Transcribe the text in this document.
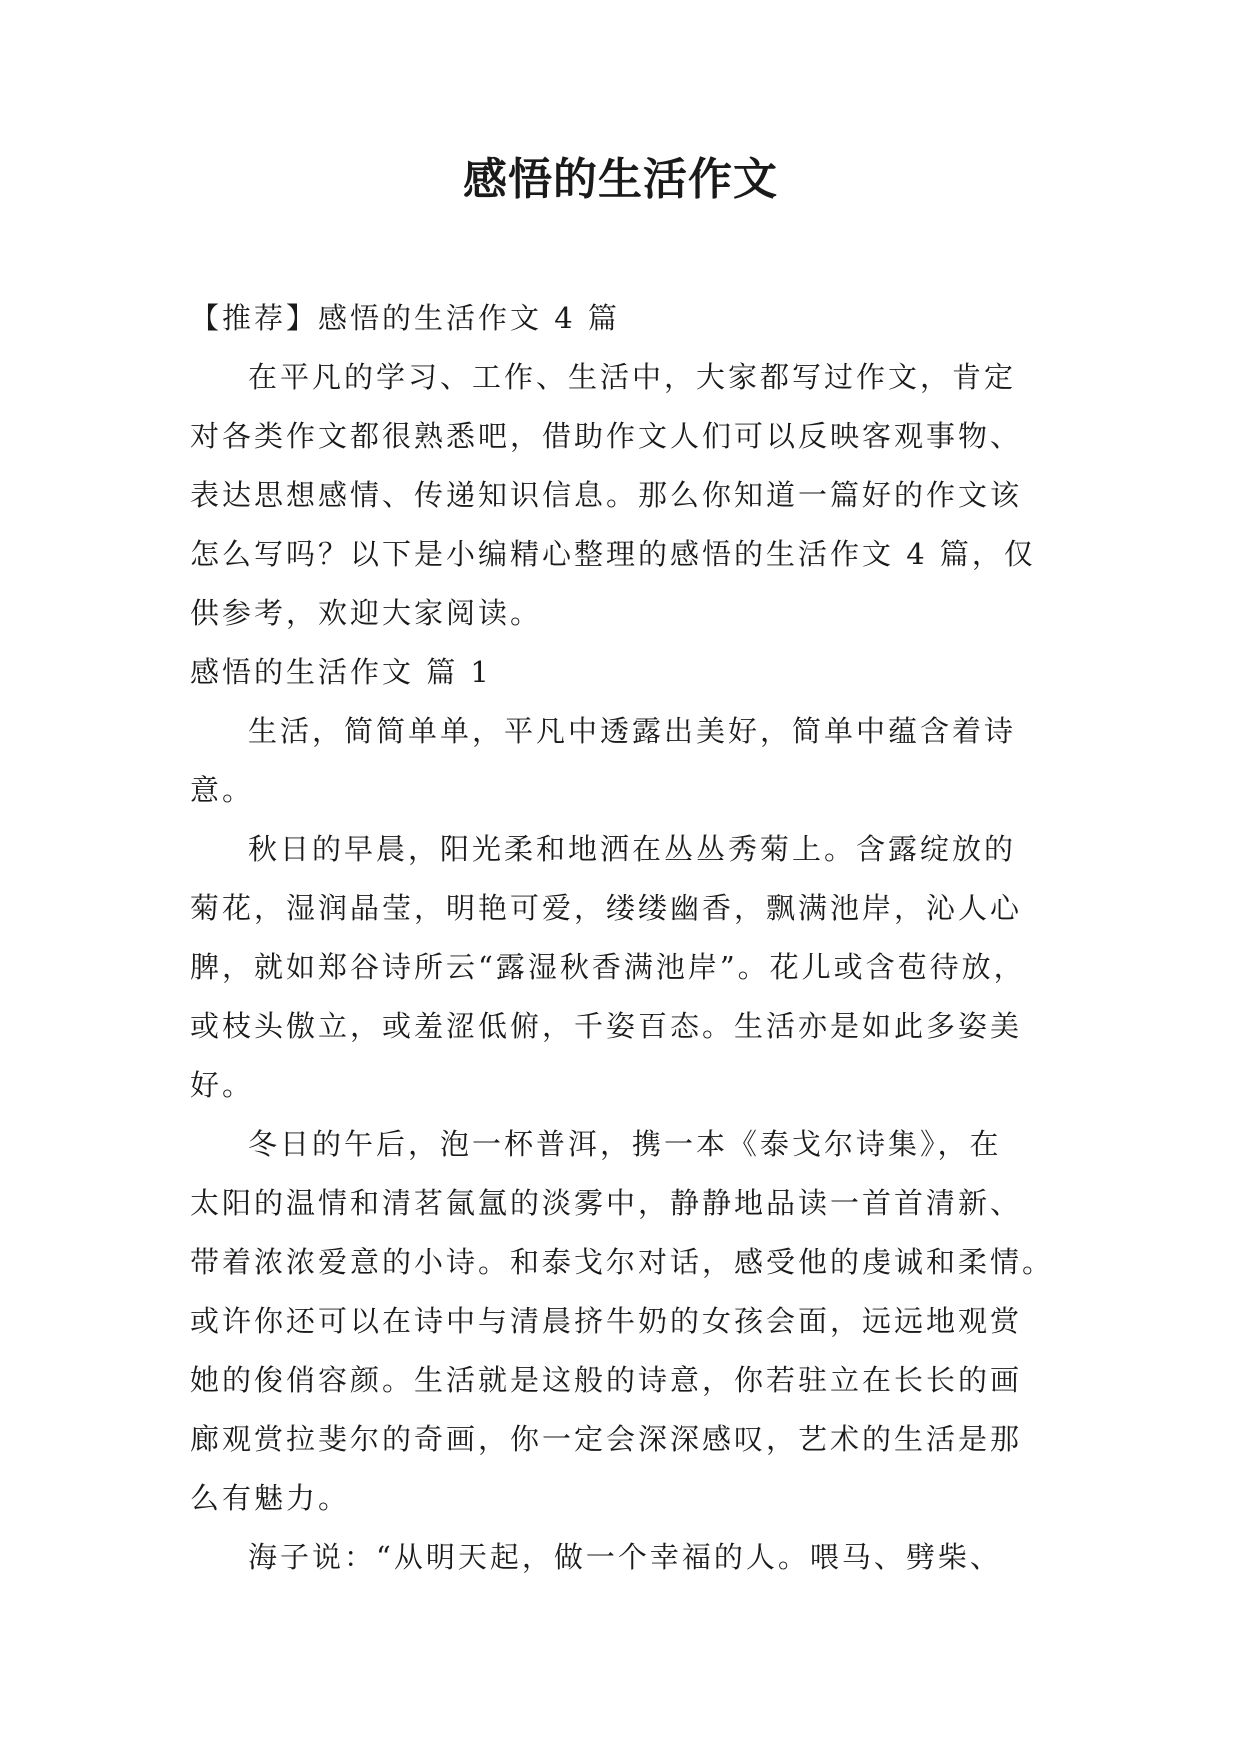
感悟的生活作文

【推荐】感悟的生活作文 4 篇

在平凡的学习、工作、生活中，大家都写过作文，肯定
对各类作文都很熟悉吧，借助作文人们可以反映客观事物、
表达思想感情、传递知识信息。那么你知道一篇好的作文该
怎么写吗？以下是小编精心整理的感悟的生活作文 4 篇，仅
供参考，欢迎大家阅读。

感悟的生活作文 篇 1

生活，简简单单，平凡中透露出美好，简单中蕴含着诗
意。

秋日的早晨，阳光柔和地洒在丛丛秀菊上。含露绽放的
菊花，湿润晶莹，明艳可爱，缕缕幽香，飘满池岸，沁人心
脾，就如郑谷诗所云“露湿秋香满池岸”。花儿或含苞待放，
或枝头傲立，或羞涩低俯，千姿百态。生活亦是如此多姿美
好。

冬日的午后，泡一杯普洱，携一本《泰戈尔诗集》，在
太阳的温情和清茗氤氲的淡雾中，静静地品读一首首清新、
带着浓浓爱意的小诗。和泰戈尔对话，感受他的虔诚和柔情。
或许你还可以在诗中与清晨挤牛奶的女孩会面，远远地观赏
她的俊俏容颜。生活就是这般的诗意，你若驻立在长长的画
廊观赏拉斐尔的奇画，你一定会深深感叹，艺术的生活是那
么有魅力。

海子说：“从明天起，做一个幸福的人。喂马、劈柴、
